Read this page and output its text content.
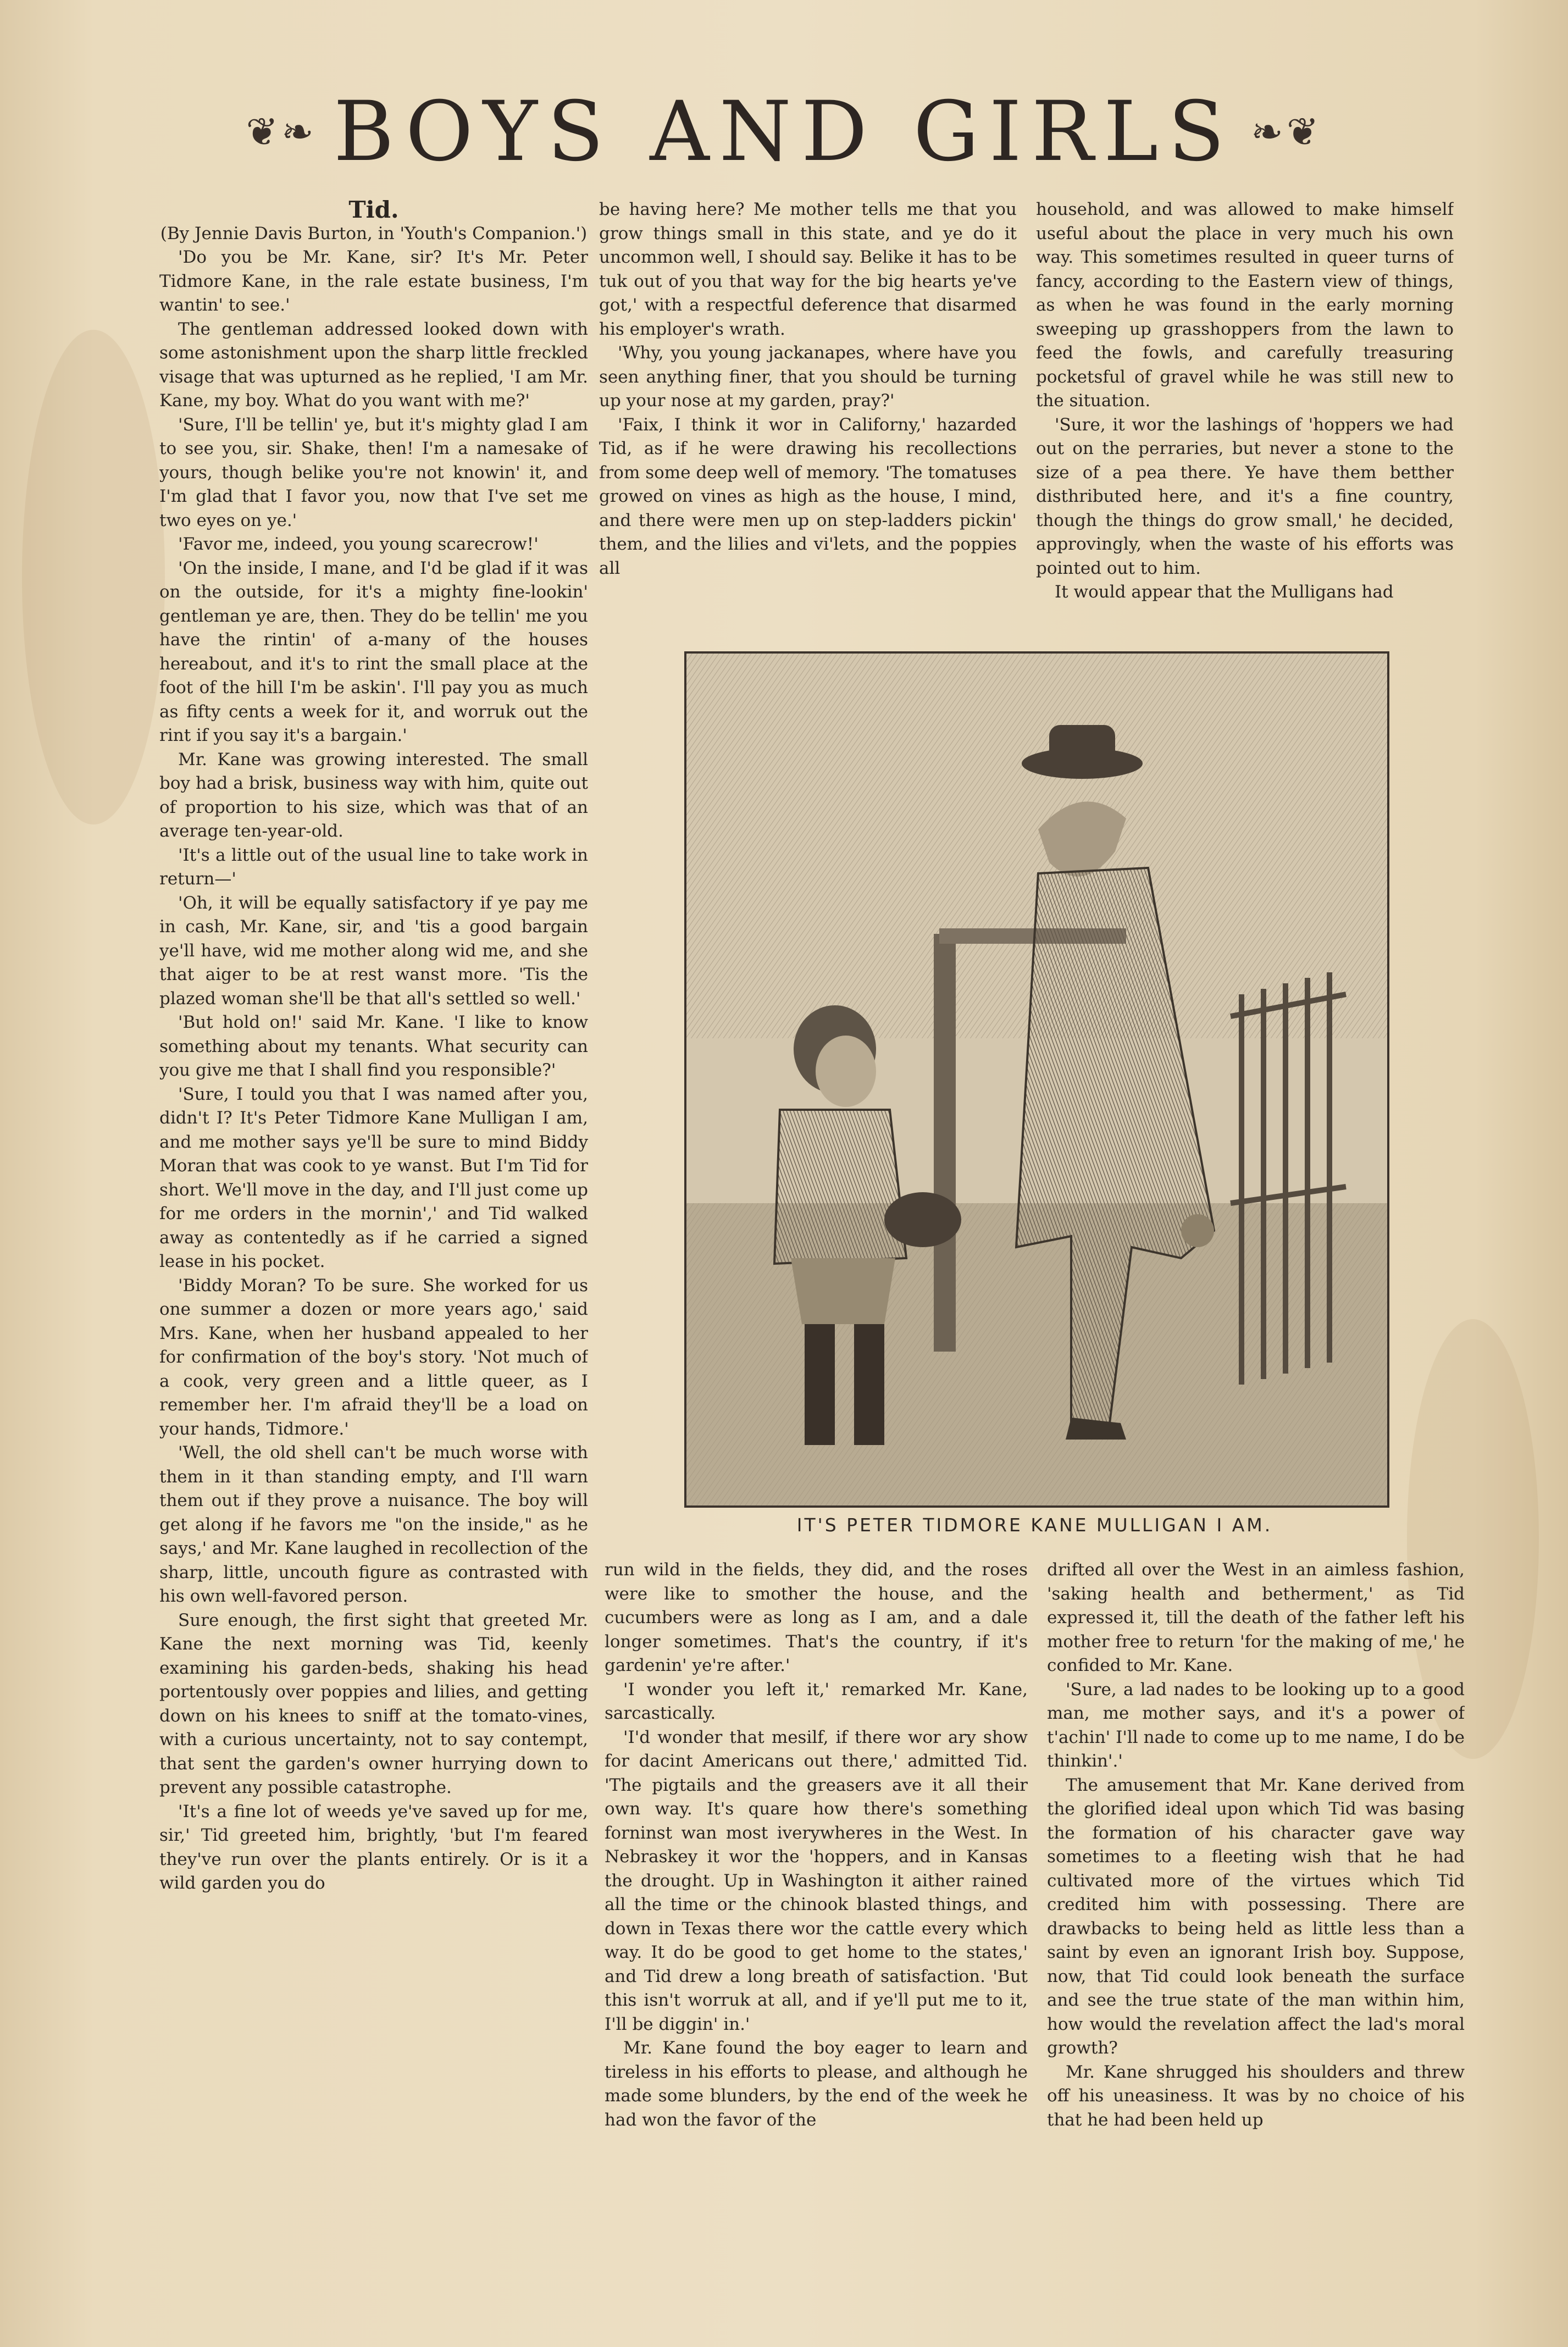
❦❧ BOYS AND GIRLS ❧❦

Tid.

(By Jennie Davis Burton, in 'Youth's Companion.')

'Do you be Mr. Kane, sir? It's Mr. Peter Tidmore Kane, in the rale estate business, I'm wantin' to see.'

The gentleman addressed looked down with some astonishment upon the sharp little freckled visage that was upturned as he replied, 'I am Mr. Kane, my boy. What do you want with me?'

'Sure, I'll be tellin' ye, but it's mighty glad I am to see you, sir. Shake, then! I'm a namesake of yours, though belike you're not knowin' it, and I'm glad that I favor you, now that I've set me two eyes on ye.'

'Favor me, indeed, you young scarecrow!'

'On the inside, I mane, and I'd be glad if it was on the outside, for it's a mighty fine-lookin' gentleman ye are, then. They do be tellin' me you have the rintin' of a-many of the houses hereabout, and it's to rint the small place at the foot of the hill I'm be askin'. I'll pay you as much as fifty cents a week for it, and worruk out the rint if you say it's a bargain.'

Mr. Kane was growing interested. The small boy had a brisk, business way with him, quite out of proportion to his size, which was that of an average ten-year-old.

'It's a little out of the usual line to take work in return—'

'Oh, it will be equally satisfactory if ye pay me in cash, Mr. Kane, sir, and 'tis a good bargain ye'll have, wid me mother along wid me, and she that aiger to be at rest wanst more. 'Tis the plazed woman she'll be that all's settled so well.'

'But hold on!' said Mr. Kane. 'I like to know something about my tenants. What security can you give me that I shall find you responsible?'

'Sure, I tould you that I was named after you, didn't I? It's Peter Tidmore Kane Mulligan I am, and me mother says ye'll be sure to mind Biddy Moran that was cook to ye wanst. But I'm Tid for short. We'll move in the day, and I'll just come up for me orders in the mornin',' and Tid walked away as contentedly as if he carried a signed lease in his pocket.

'Biddy Moran? To be sure. She worked for us one summer a dozen or more years ago,' said Mrs. Kane, when her husband appealed to her for confirmation of the boy's story. 'Not much of a cook, very green and a little queer, as I remember her. I'm afraid they'll be a load on your hands, Tidmore.'

'Well, the old shell can't be much worse with them in it than standing empty, and I'll warn them out if they prove a nuisance. The boy will get along if he favors me "on the inside," as he says,' and Mr. Kane laughed in recollection of the sharp, little, uncouth figure as contrasted with his own well-favored person.

Sure enough, the first sight that greeted Mr. Kane the next morning was Tid, keenly examining his garden-beds, shaking his head portentously over poppies and lilies, and getting down on his knees to sniff at the tomato-vines, with a curious uncertainty, not to say contempt, that sent the garden's owner hurrying down to prevent any possible catastrophe.

'It's a fine lot of weeds ye've saved up for me, sir,' Tid greeted him, brightly, 'but I'm feared they've run over the plants entirely. Or is it a wild garden you do

be having here? Me mother tells me that you grow things small in this state, and ye do it uncommon well, I should say. Belike it has to be tuk out of you that way for the big hearts ye've got,' with a respectful deference that disarmed his employer's wrath.

'Why, you young jackanapes, where have you seen anything finer, that you should be turning up your nose at my garden, pray?'

'Faix, I think it wor in Californy,' hazarded Tid, as if he were drawing his recollections from some deep well of memory. 'The tomatuses growed on vines as high as the house, I mind, and there were men up on step-ladders pickin' them, and the lilies and vi'lets, and the poppies all

household, and was allowed to make himself useful about the place in very much his own way. This sometimes resulted in queer turns of fancy, according to the Eastern view of things, as when he was found in the early morning sweeping up grasshoppers from the lawn to feed the fowls, and carefully treasuring pocketsful of gravel while he was still new to the situation.

'Sure, it wor the lashings of 'hoppers we had out on the perraries, but never a stone to the size of a pea there. Ye have them betther disthributed here, and it's a fine country, though the things do grow small,' he decided, approvingly, when the waste of his efforts was pointed out to him.

It would appear that the Mulligans had

IT'S PETER TIDMORE KANE MULLIGAN I AM.

run wild in the fields, they did, and the roses were like to smother the house, and the cucumbers were as long as I am, and a dale longer sometimes. That's the country, if it's gardenin' ye're after.'

'I wonder you left it,' remarked Mr. Kane, sarcastically.

'I'd wonder that mesilf, if there wor ary show for dacint Americans out there,' admitted Tid. 'The pigtails and the greasers ave it all their own way. It's quare how there's something forninst wan most iverywheres in the West. In Nebraskey it wor the 'hoppers, and in Kansas the drought. Up in Washington it aither rained all the time or the chinook blasted things, and down in Texas there wor the cattle every which way. It do be good to get home to the states,' and Tid drew a long breath of satisfaction. 'But this isn't worruk at all, and if ye'll put me to it, I'll be diggin' in.'

Mr. Kane found the boy eager to learn and tireless in his efforts to please, and although he made some blunders, by the end of the week he had won the favor of the

drifted all over the West in an aimless fashion, 'saking health and betherment,' as Tid expressed it, till the death of the father left his mother free to return 'for the making of me,' he confided to Mr. Kane.

'Sure, a lad nades to be looking up to a good man, me mother says, and it's a power of t'achin' I'll nade to come up to me name, I do be thinkin'.'

The amusement that Mr. Kane derived from the glorified ideal upon which Tid was basing the formation of his character gave way sometimes to a fleeting wish that he had cultivated more of the virtues which Tid credited him with possessing. There are drawbacks to being held as little less than a saint by even an ignorant Irish boy. Suppose, now, that Tid could look beneath the surface and see the true state of the man within him, how would the revelation affect the lad's moral growth?

Mr. Kane shrugged his shoulders and threw off his uneasiness. It was by no choice of his that he had been held up
